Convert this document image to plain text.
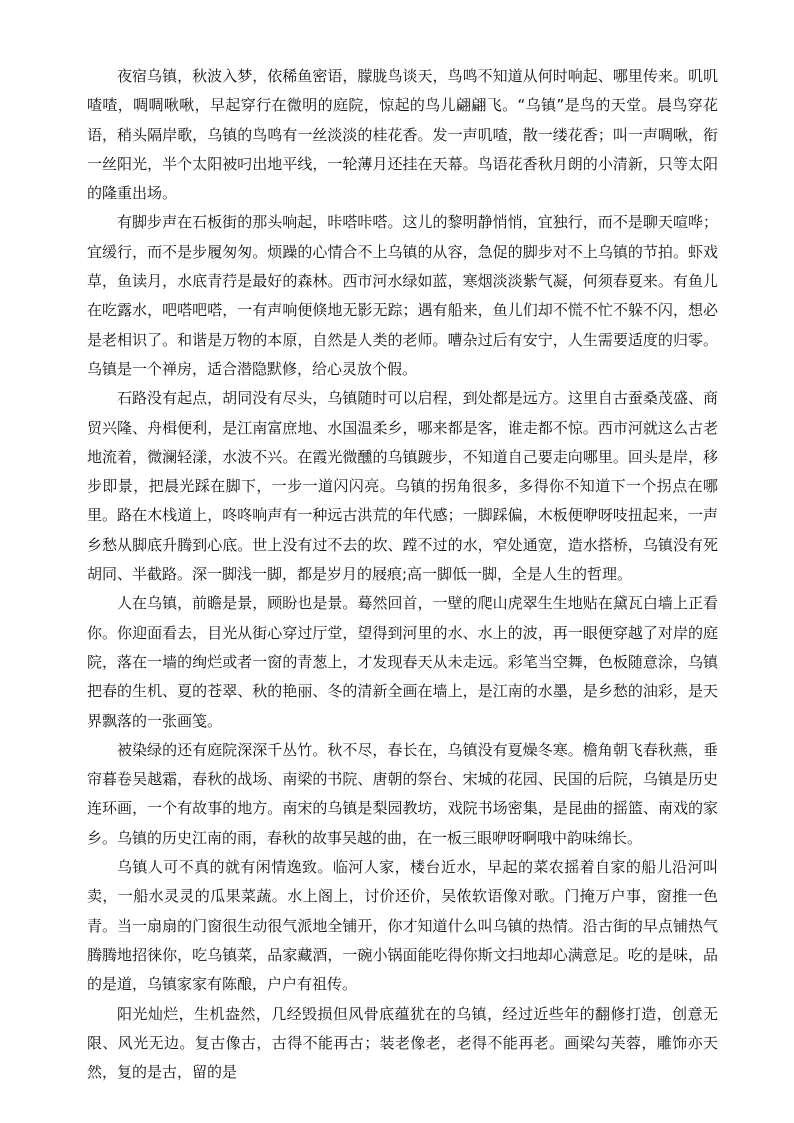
夜宿乌镇，秋波入梦，依稀鱼密语，朦胧鸟谈天，鸟鸣不知道从何时响起、哪里传来。叽叽喳喳，啁啁啾啾，早起穿行在微明的庭院，惊起的鸟儿翩翩飞。“乌镇”是鸟的天堂。晨鸟穿花语，稍头隔岸歌，乌镇的鸟鸣有一丝淡淡的桂花香。发一声叽喳，散一缕花香；叫一声啁啾，衔一丝阳光，半个太阳被叼出地平线，一轮薄月还挂在天幕。鸟语花香秋月朗的小清新，只等太阳的隆重出场。

有脚步声在石板街的那头响起，咔嗒咔嗒。这儿的黎明静悄悄，宜独行，而不是聊天喧哗；宜缓行，而不是步履匆匆。烦躁的心情合不上乌镇的从容，急促的脚步对不上乌镇的节拍。虾戏草，鱼读月，水底青荇是最好的森林。西市河水绿如蓝，寒烟淡淡紫气凝，何须春夏来。有鱼儿在吃露水，吧嗒吧嗒，一有声响便倏地无影无踪；遇有船来，鱼儿们却不慌不忙不躲不闪，想必是老相识了。和谐是万物的本原，自然是人类的老师。嘈杂过后有安宁，人生需要适度的归零。乌镇是一个禅房，适合潜隐默修，给心灵放个假。

石路没有起点，胡同没有尽头，乌镇随时可以启程，到处都是远方。这里自古蚕桑茂盛、商贸兴隆、舟楫便利，是江南富庶地、水国温柔乡，哪来都是客，谁走都不惊。西市河就这么古老地流着，微澜轻漾，水波不兴。在霞光微醺的乌镇踱步，不知道自己要走向哪里。回头是岸，移步即景，把晨光踩在脚下，一步一道闪闪亮。乌镇的拐角很多，多得你不知道下一个拐点在哪里。路在木栈道上，咚咚响声有一种远古洪荒的年代感；一脚踩偏，木板便咿呀吱扭起来，一声乡愁从脚底升腾到心底。世上没有过不去的坎、蹚不过的水，窄处通宽，造水搭桥，乌镇没有死胡同、半截路。深一脚浅一脚，都是岁月的屐痕;高一脚低一脚，全是人生的哲理。

人在乌镇，前瞻是景，顾盼也是景。蓦然回首，一壁的爬山虎翠生生地贴在黛瓦白墙上正看你。你迎面看去，目光从街心穿过厅堂，望得到河里的水、水上的波，再一眼便穿越了对岸的庭院，落在一墙的绚烂或者一窗的青葱上，才发现春天从未走远。彩笔当空舞，色板随意涂，乌镇把春的生机、夏的苍翠、秋的艳丽、冬的清新全画在墙上，是江南的水墨，是乡愁的油彩，是天界飘落的一张画笺。

被染绿的还有庭院深深千丛竹。秋不尽，春长在，乌镇没有夏燥冬寒。檐角朝飞春秋燕，垂帘暮卷吴越霜，春秋的战场、南梁的书院、唐朝的祭台、宋城的花园、民国的后院，乌镇是历史连环画，一个有故事的地方。南宋的乌镇是梨园教坊，戏院书场密集，是昆曲的摇篮、南戏的家乡。乌镇的历史江南的雨，春秋的故事吴越的曲，在一板三眼咿呀啊哦中韵味绵长。

乌镇人可不真的就有闲情逸致。临河人家，楼台近水，早起的菜农摇着自家的船儿沿河叫卖，一船水灵灵的瓜果菜蔬。水上阁上，讨价还价，吴侬软语像对歌。门掩万户事，窗推一色青。当一扇扇的门窗很生动很气派地全铺开，你才知道什么叫乌镇的热情。沿古街的早点铺热气腾腾地招徕你，吃乌镇菜，品家藏酒，一碗小锅面能吃得你斯文扫地却心满意足。吃的是味，品的是道，乌镇家家有陈酿，户户有祖传。

阳光灿烂，生机盎然，几经毁损但风骨底蕴犹在的乌镇，经过近些年的翻修打造，创意无限、风光无边。复古像古，古得不能再古；装老像老，老得不能再老。画梁勾芙蓉，雕饰亦天然，复的是古，留的是
